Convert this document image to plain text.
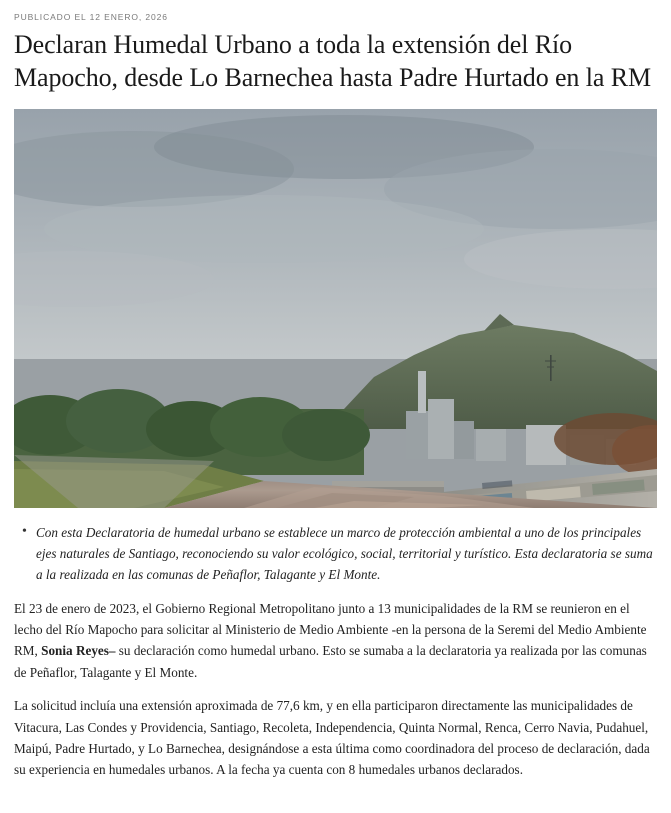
PUBLICADO EL 12 ENERO, 2026
Declaran Humedal Urbano a toda la extensión del Río Mapocho, desde Lo Barnechea hasta Padre Hurtado en la RM
• Con esta Declaratoria de humedal urbano se establece un marco de protección ambiental a uno de los principales ejes naturales de Santiago, reconociendo su valor ecológico, social, territorial y turístico. Esta declaratoria se suma a la realizada en las comunas de Peñaflor, Talagante y El Monte.

El 23 de enero de 2023, el Gobierno Regional Metropolitano junto a 13 municipalidades de la RM se reunieron en el lecho del Río Mapocho para solicitar al Ministerio de Medio Ambiente -en la persona de la Seremi del Medio Ambiente RM, Sonia Reyes– su declaración como humedal urbano. Esto se sumaba a la declaratoria ya realizada por las comunas de Peñaflor, Talagante y El Monte.

La solicitud incluía una extensión aproximada de 77,6 km, y en ella participaron directamente las municipalidades de Vitacura, Las Condes y Providencia, Santiago, Recoleta, Independencia, Quinta Normal, Renca, Cerro Navia, Pudahuel, Maipú, Padre Hurtado, y Lo Barnechea, designándose a esta última como coordinadora del proceso de declaración, dada su experiencia en humedales urbanos. A la fecha ya cuenta con 8 humedales urbanos declarados.
